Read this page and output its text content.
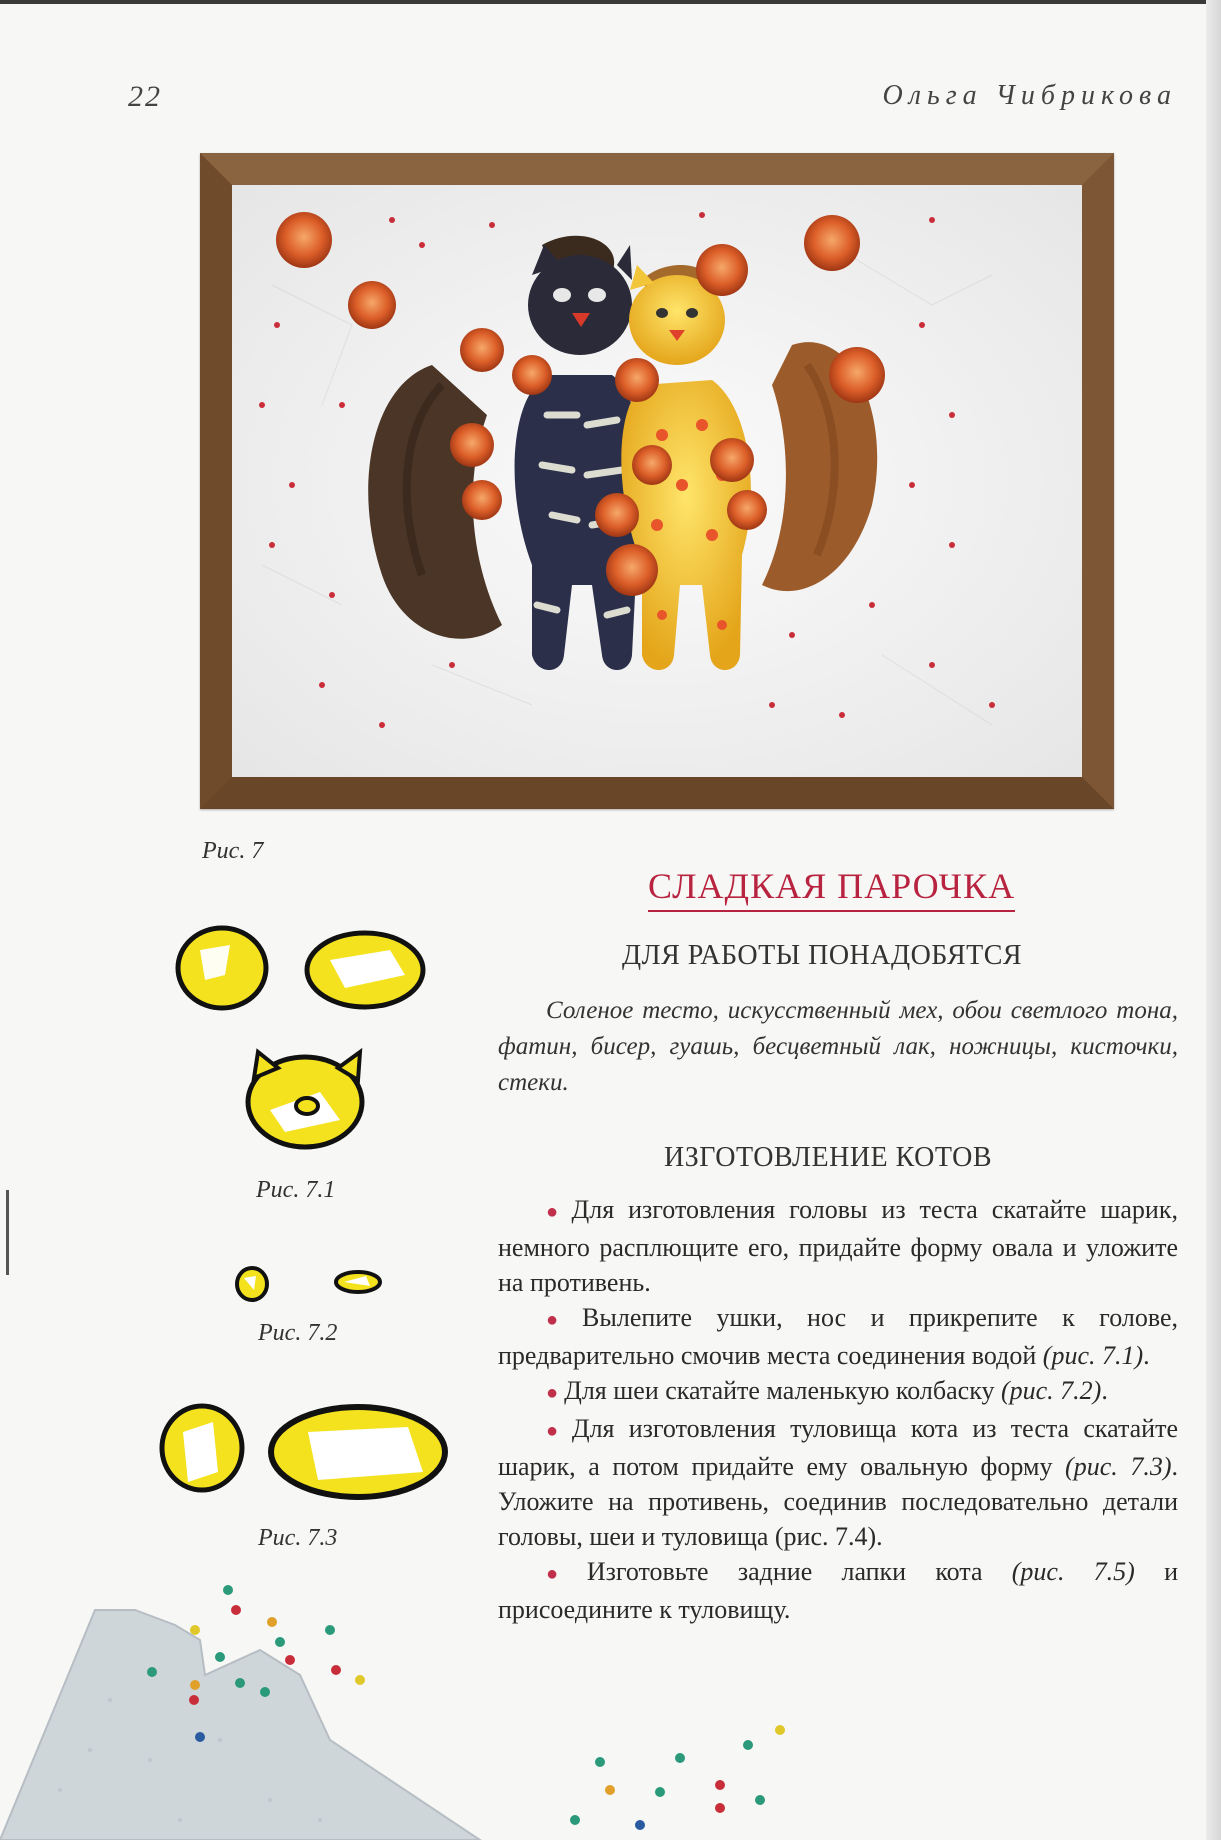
22	Ольга Чибрикова
Рис. 7
Рис. 7.1
Рис. 7.2
Рис. 7.3
СЛАДКАЯ ПАРОЧКА
ДЛЯ РАБОТЫ ПОНАДОБЯТСЯ
Соленое тесто, искусственный мех, обои светлого тона, фатин, бисер, гуашь, бесцветный лак, ножницы, кисточки, стеки.
ИЗГОТОВЛЕНИЕ КОТОВ

● Для изготовления головы из теста скатайте шарик, немного расплющите его, придайте форму овала и уложите на противень.

● Вылепите ушки, нос и прикрепите к голове, предварительно смочив места соединения водой (рис. 7.1).

● Для шеи скатайте маленькую колбаску (рис. 7.2).

● Для изготовления туловища кота из теста скатайте шарик, а потом придайте ему овальную форму (рис. 7.3). Уложите на противень, соединив последовательно детали головы, шеи и туловища (рис. 7.4).

● Изготовьте задние лапки кота (рис. 7.5) и присоедините к туловищу.
